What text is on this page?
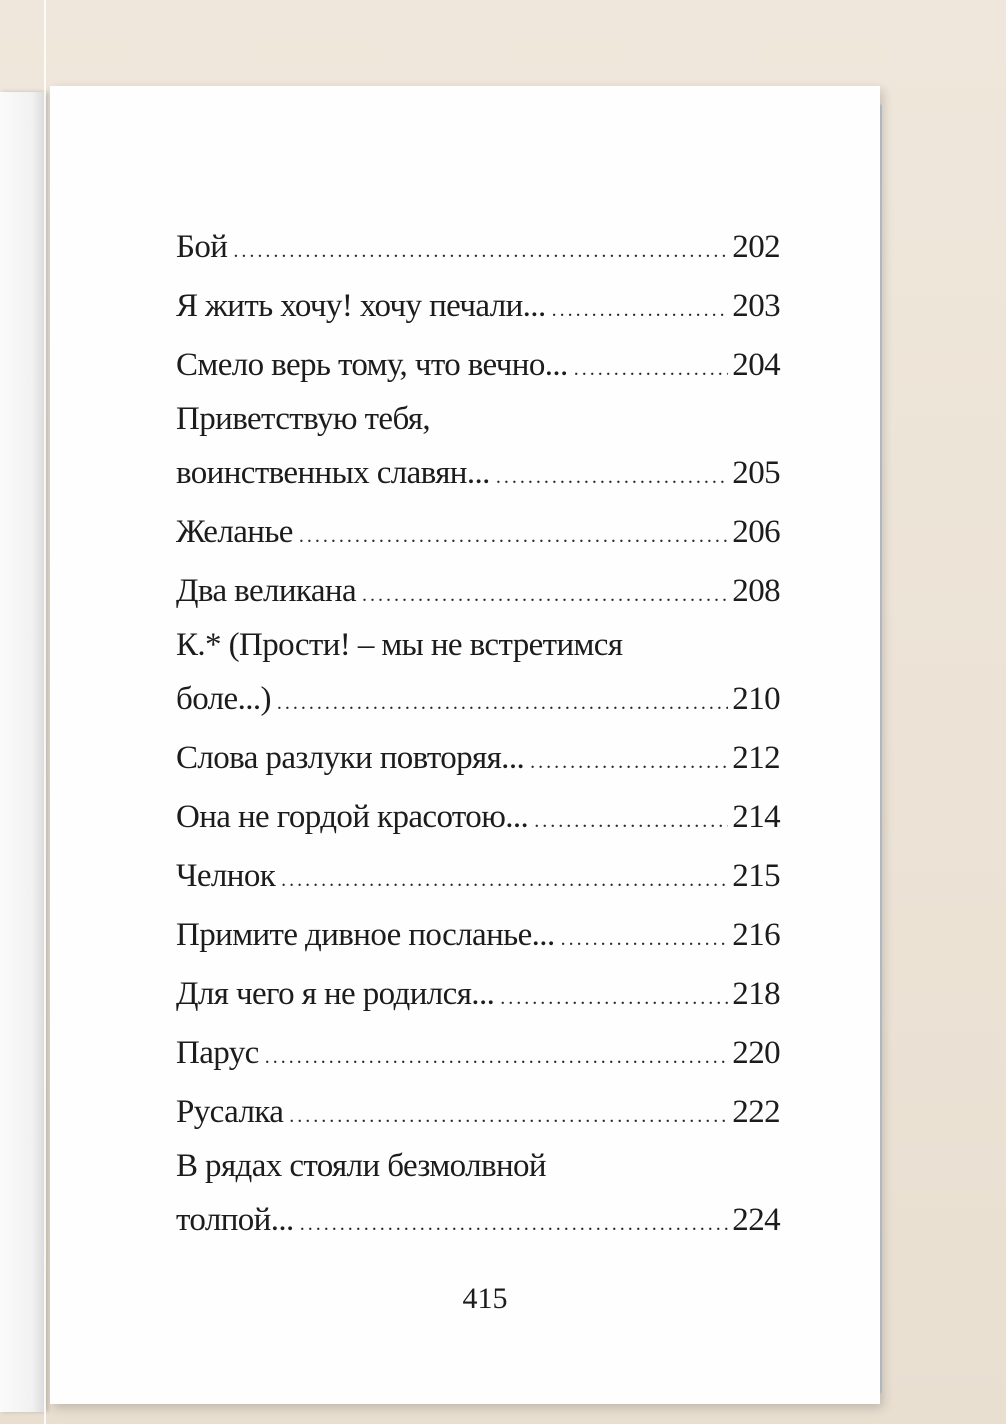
Бой .....	202
Я жить хочу! хочу печали... .....	203
Смело верь тому, что вечно... .....	204
Приветствую тебя,
воинственных славян... .....	205
Желанье .....	206
Два великана .....	208
К.* (Прости! – мы не встретимся
боле...) .....	210
Слова разлуки повторяя... .....	212
Она не гордой красотою... .....	214
Челнок .....	215
Примите дивное посланье... .....	216
Для чего я не родился... .....	218
Парус .....	220
Русалка .....	222
В рядах стояли безмолвной
толпой... .....	224
415
